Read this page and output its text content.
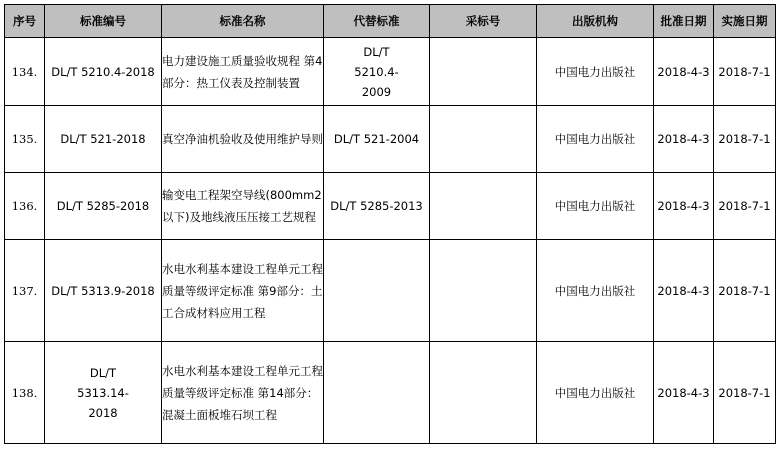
序号	标准编号	标准名称	代替标准	采标号	出版机构	批准日期	实施日期
134.	DL/T 5210.4-2018	电力建设施工质量验收规程 第4部分：热工仪表及控制装置	DL/T 5210.4-2009		中国电力出版社	2018-4-3	2018-7-1
135.	DL/T 521-2018	真空净油机验收及使用维护导则	DL/T 521-2004		中国电力出版社	2018-4-3	2018-7-1
136.	DL/T 5285-2018	输变电工程架空导线(800mm2以下)及地线液压压接工艺规程	DL/T 5285-2013		中国电力出版社	2018-4-3	2018-7-1
137.	DL/T 5313.9-2018	水电水利基本建设工程单元工程质量等级评定标准 第9部分：土工合成材料应用工程			中国电力出版社	2018-4-3	2018-7-1
138.	DL/T 5313.14-2018	水电水利基本建设工程单元工程质量等级评定标准 第14部分：混凝土面板堆石坝工程			中国电力出版社	2018-4-3	2018-7-1
